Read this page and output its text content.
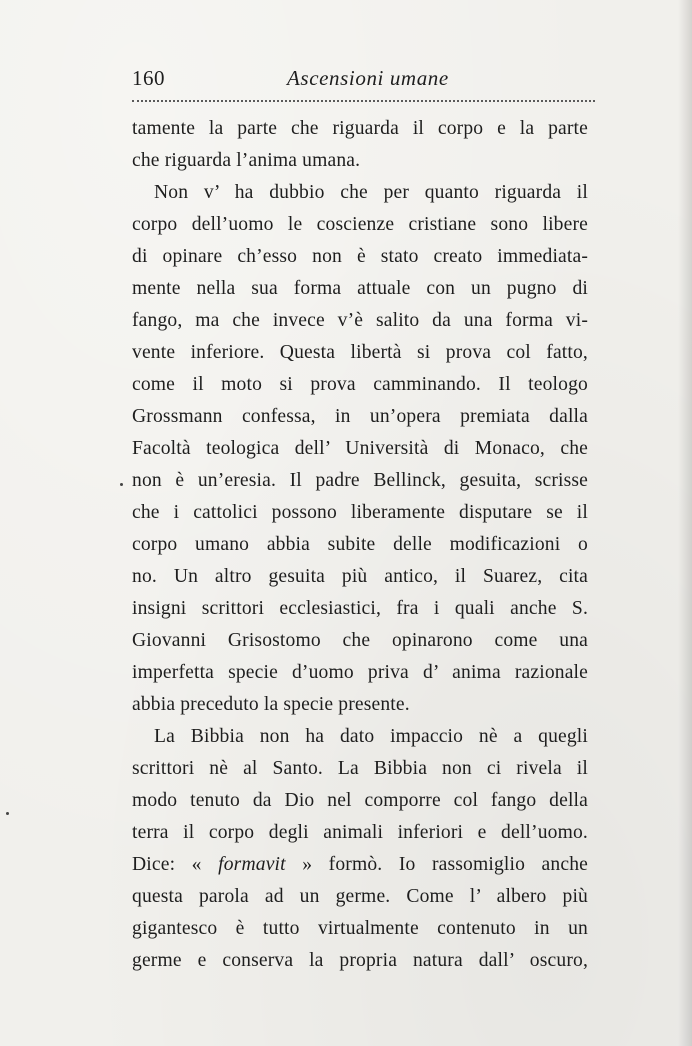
160	Ascensioni umane
tamente la parte che riguarda il corpo e la parte
che riguarda l’anima umana.
Non v’ ha dubbio che per quanto riguarda il
corpo dell’uomo le coscienze cristiane sono libere
di opinare ch’esso non è stato creato immediata-
mente nella sua forma attuale con un pugno di
fango, ma che invece v’è salito da una forma vi-
vente inferiore. Questa libertà si prova col fatto,
come il moto si prova camminando. Il teologo
Grossmann confessa, in un’opera premiata dalla
Facoltà teologica dell’ Università di Monaco, che
non è un’eresia. Il padre Bellinck, gesuita, scrisse
che i cattolici possono liberamente disputare se il
corpo umano abbia subite delle modificazioni o
no. Un altro gesuita più antico, il Suarez, cita
insigni scrittori ecclesiastici, fra i quali anche S.
Giovanni Grisostomo che opinarono come una
imperfetta specie d’uomo priva d’ anima razionale
abbia preceduto la specie presente.
La Bibbia non ha dato impaccio nè a quegli
scrittori nè al Santo. La Bibbia non ci rivela il
modo tenuto da Dio nel comporre col fango della
terra il corpo degli animali inferiori e dell’uomo.
Dice: « formavit » formò. Io rassomiglio anche
questa parola ad un germe. Come l’ albero più
gigantesco è tutto virtualmente contenuto in un
germe e conserva la propria natura dall’ oscuro,
